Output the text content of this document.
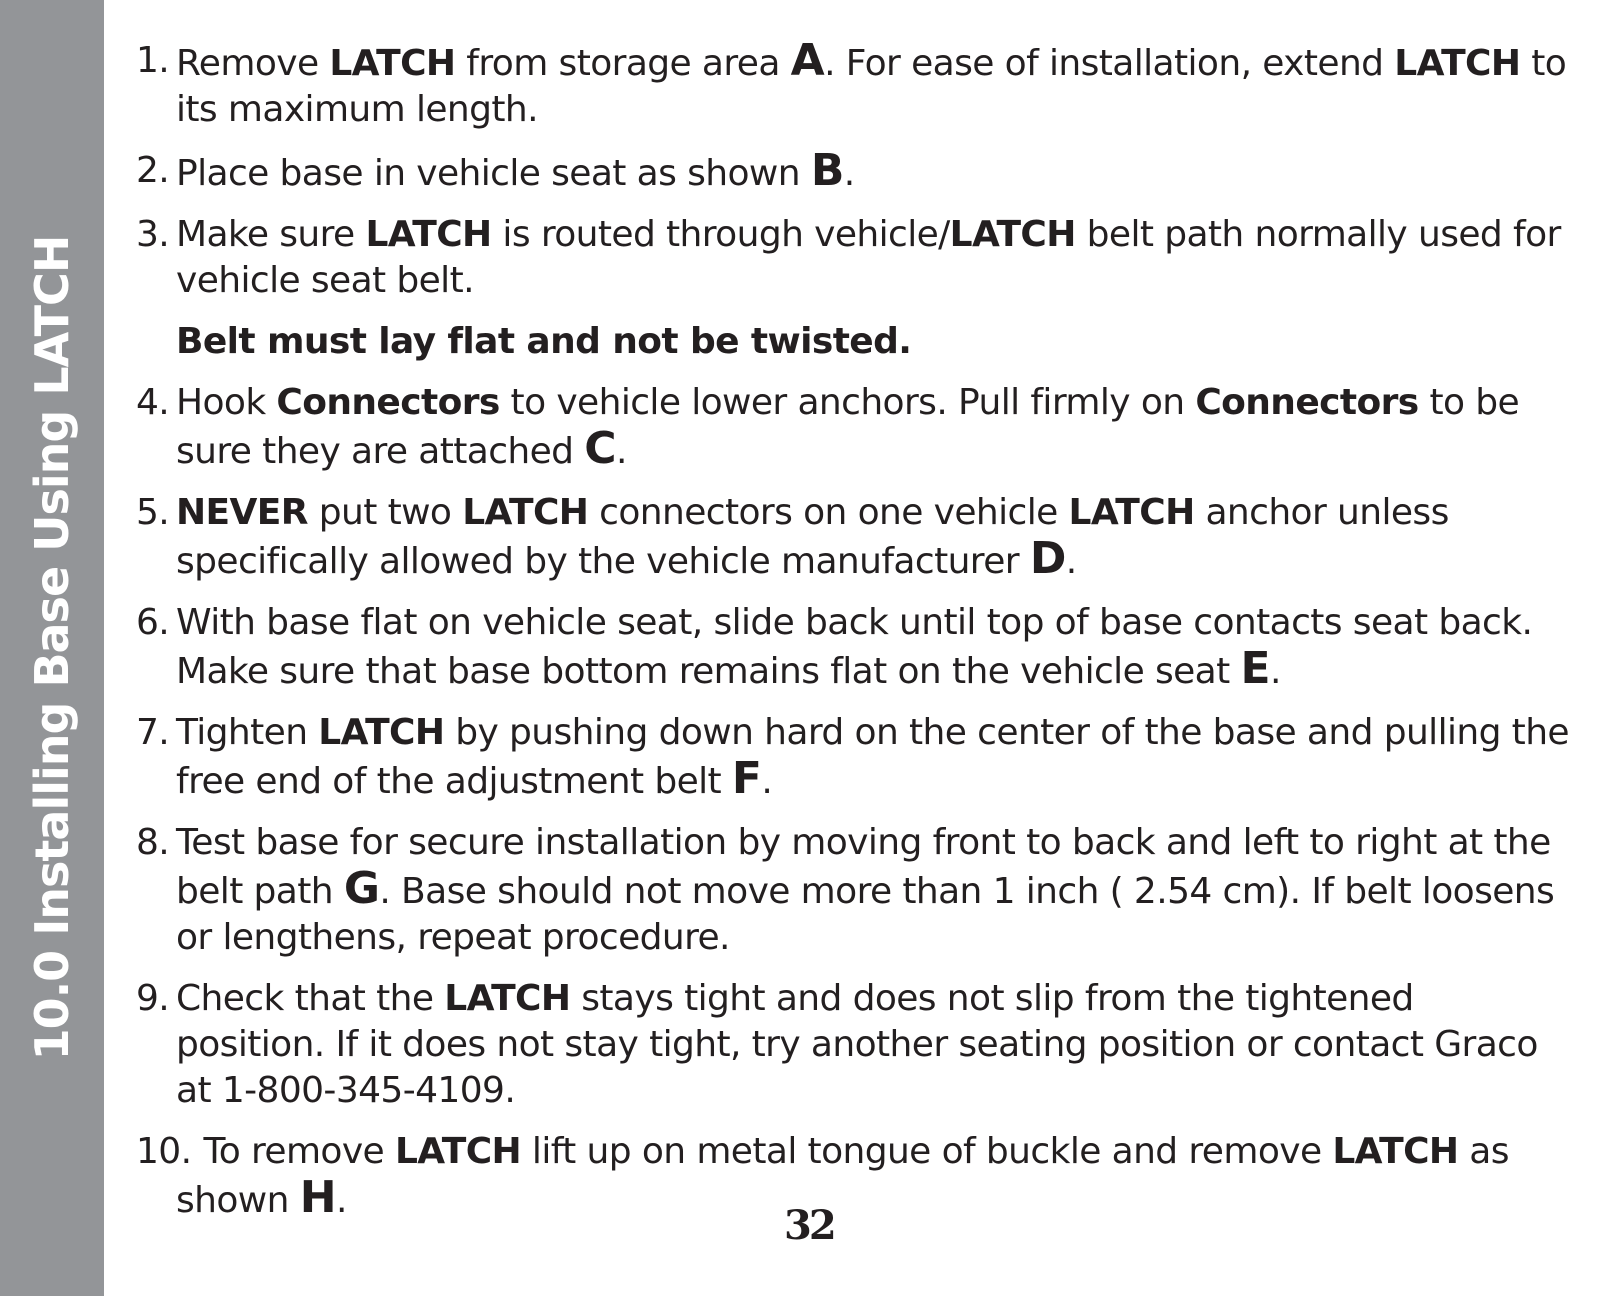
10.0 Installing Base Using LATCH
1. Remove LATCH from storage area A. For ease of installation, extend LATCH to its maximum length.
2. Place base in vehicle seat as shown B.
3. Make sure LATCH is routed through vehicle/LATCH belt path normally used for vehicle seat belt.
Belt must lay flat and not be twisted.
4. Hook Connectors to vehicle lower anchors. Pull firmly on Connectors to be sure they are attached C.
5. NEVER put two LATCH connectors on one vehicle LATCH anchor unless specifically allowed by the vehicle manufacturer D.
6. With base flat on vehicle seat, slide back until top of base contacts seat back. Make sure that base bottom remains flat on the vehicle seat E.
7. Tighten LATCH by pushing down hard on the center of the base and pulling the free end of the adjustment belt F.
8. Test base for secure installation by moving front to back and left to right at the belt path G. Base should not move more than 1 inch ( 2.54 cm). If belt loosens or lengthens, repeat procedure.
9. Check that the LATCH stays tight and does not slip from the tightened position. If it does not stay tight, try another seating position or contact Graco at 1-800-345-4109.
10. To remove LATCH lift up on metal tongue of buckle and remove LATCH as shown H.
32
